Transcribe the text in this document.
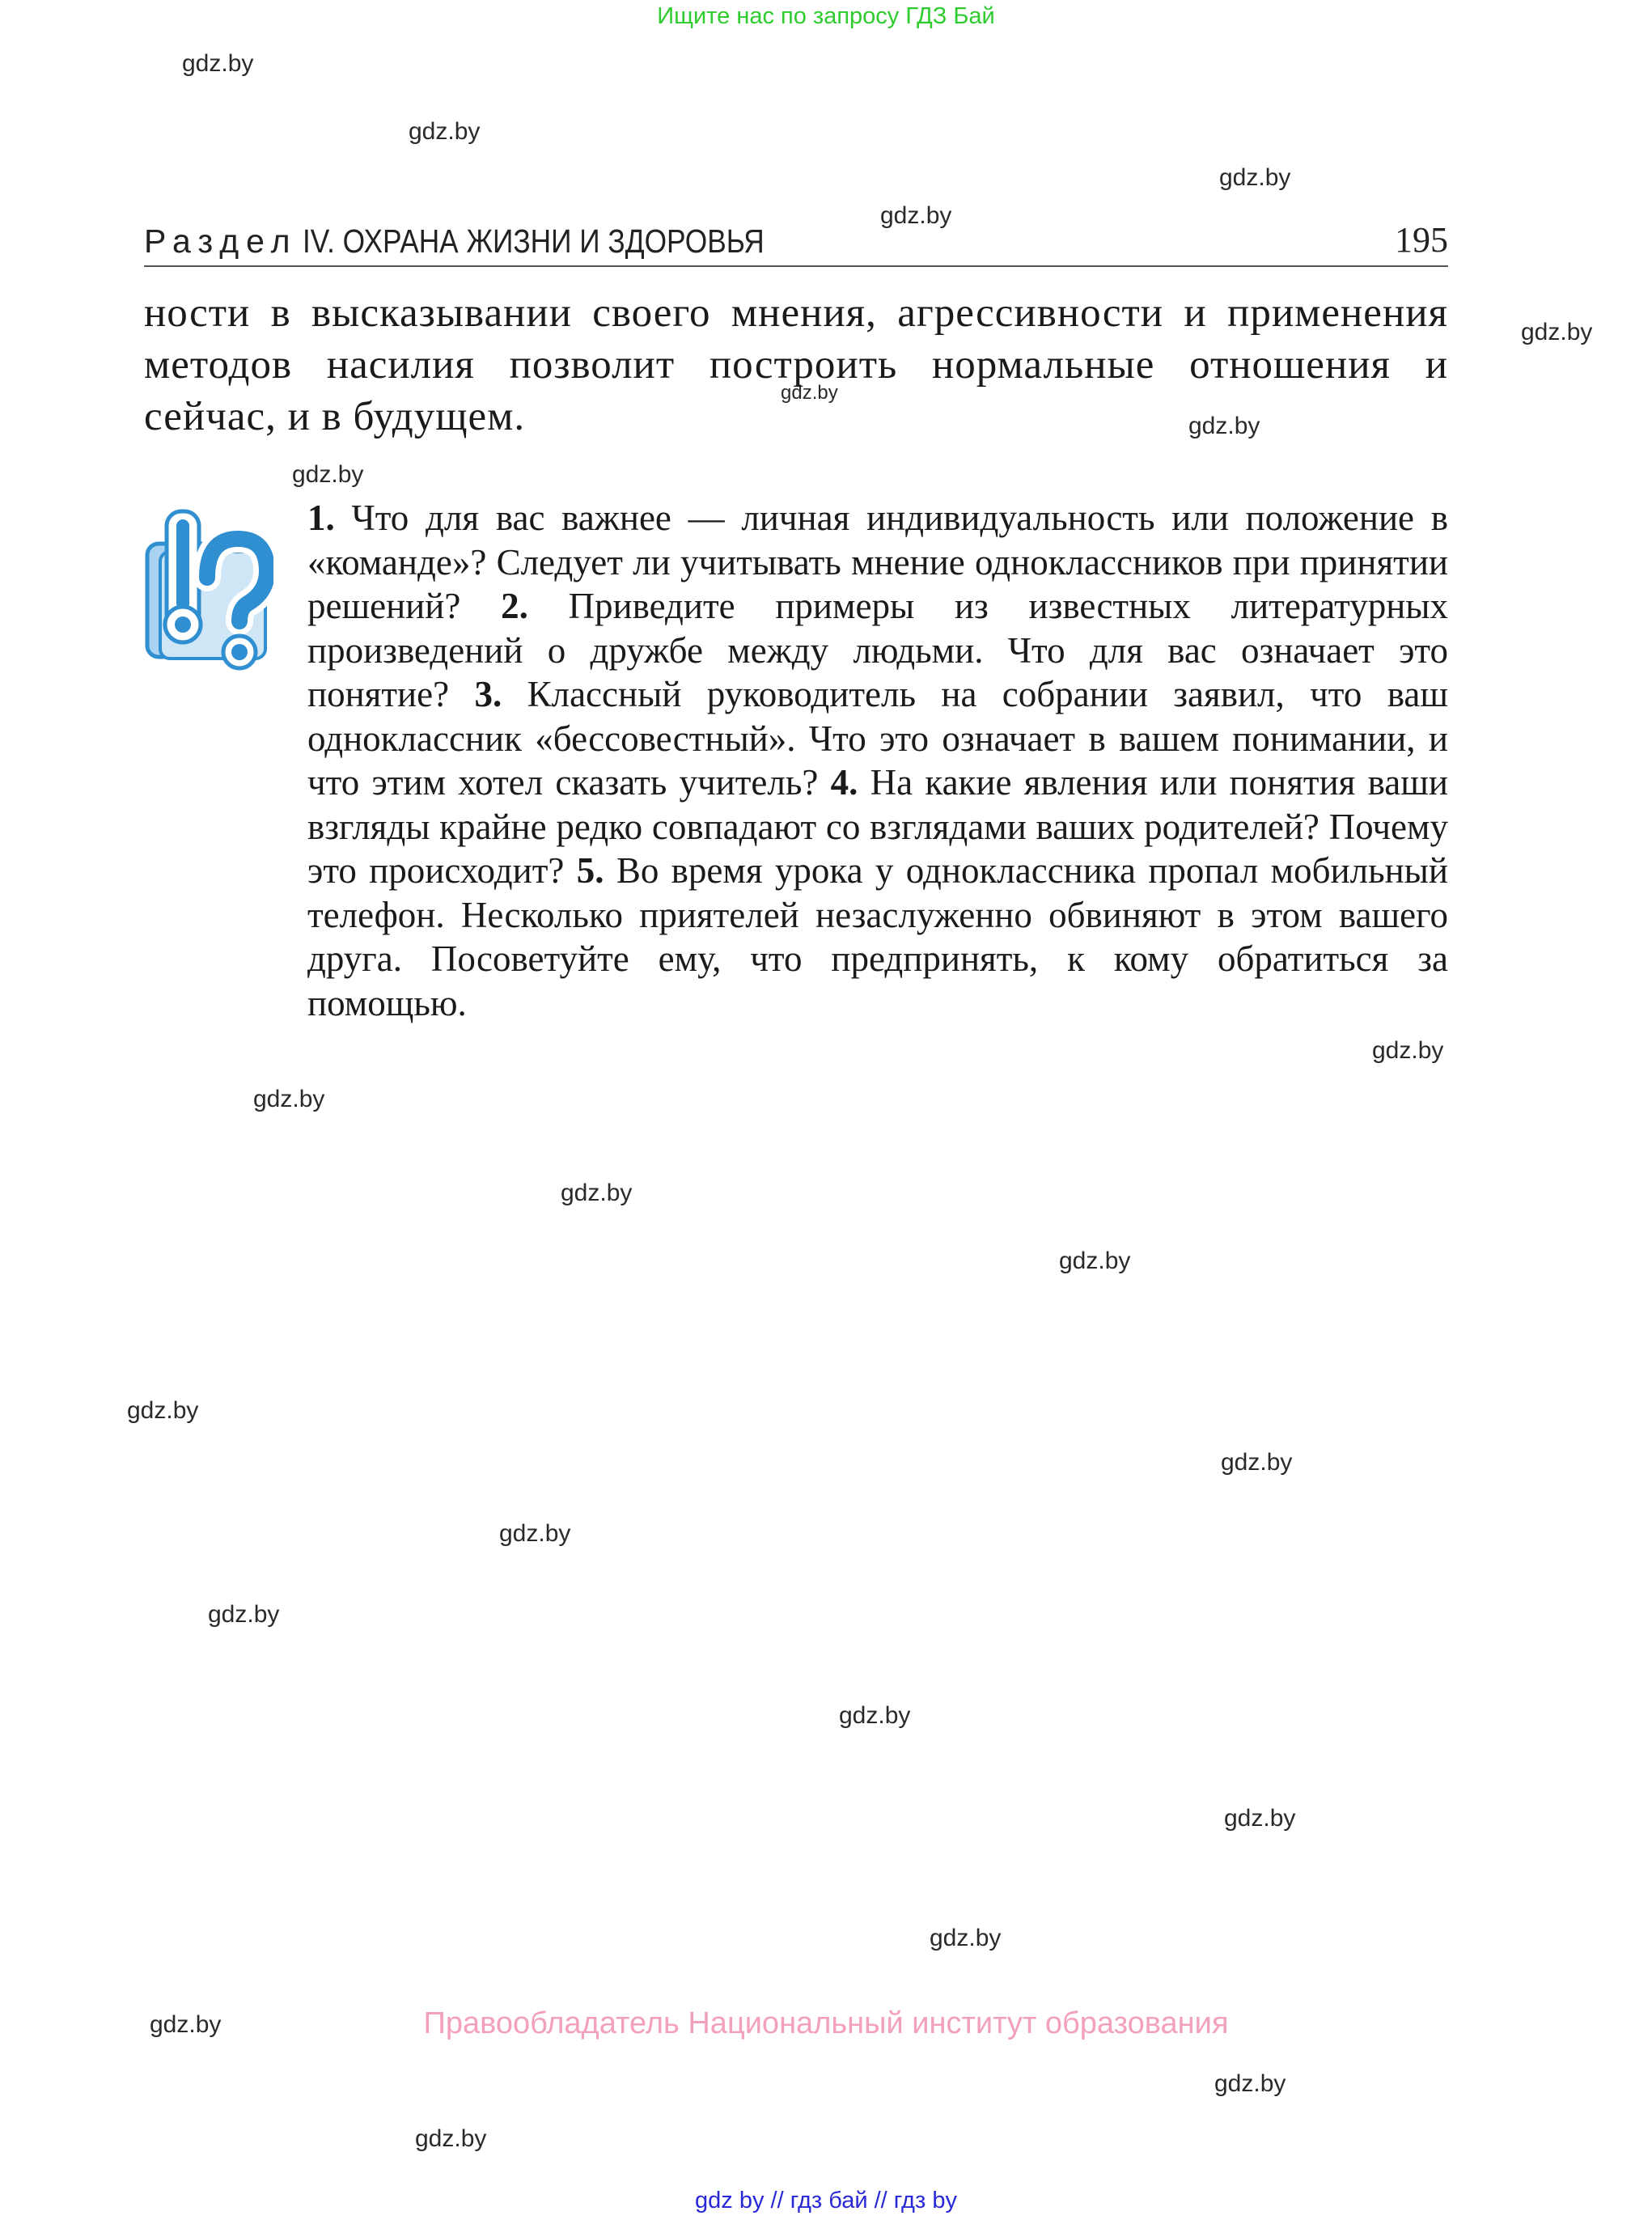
Ищите нас по запросу ГДЗ Бай
gdz.by
gdz.by
gdz.by
gdz.by
gdz.by
gdz.by
gdz.by
gdz.by
gdz.by
gdz.by
gdz.by
gdz.by
gdz.by
gdz.by
gdz.by
gdz.by
gdz.by
gdz.by
gdz.by
gdz.by
gdz.by
gdz.by
Раздел IV. ОХРАНА ЖИЗНИ И ЗДОРОВЬЯ	195
ности в высказывании своего мнения, агрессивности и применения методов насилия позволит построить нормальные отношения и сейчас, и в будущем.
1. Что для вас важнее — личная индивидуальность или положение в «команде»? Следует ли учитывать мнение одноклассников при принятии решений? 2. Приведите примеры из известных литературных произведений о дружбе между людьми. Что для вас означает это понятие? 3. Классный руководитель на собрании заявил, что ваш одноклассник «бессовестный». Что это означает в вашем понимании, и что этим хотел сказать учитель? 4. На какие явления или понятия ваши взгляды крайне редко совпадают со взглядами ваших родителей? Почему это происходит? 5. Во время урока у одноклассника пропал мобильный телефон. Несколько приятелей незаслуженно обвиняют в этом вашего друга. Посоветуйте ему, что предпринять, к кому обратиться за помощью.
Правообладатель Национальный институт образования
gdz by // гдз бай // гдз by
